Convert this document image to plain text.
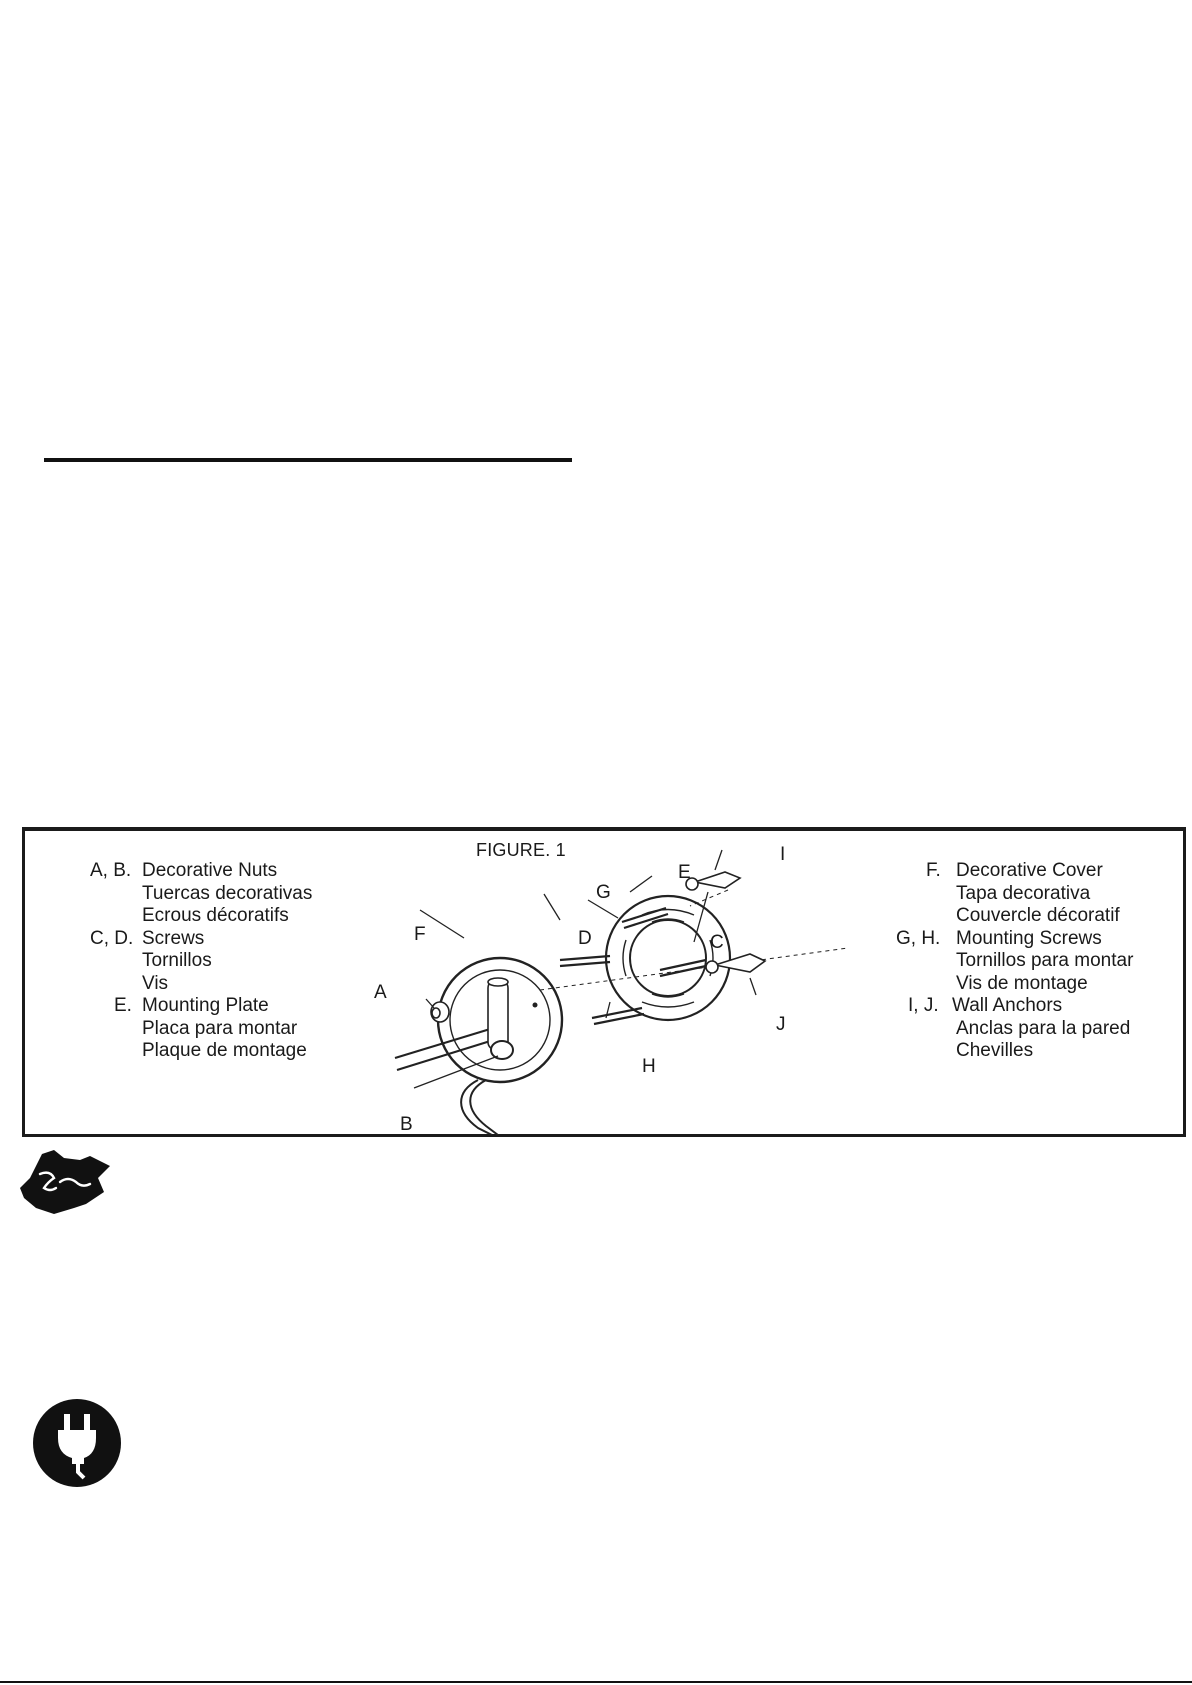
FIGURE. 1
A, B. Decorative Nuts
Tuercas decorativas
Ecrous décoratifs
C, D. Screws
Tornillos
Vis
E. Mounting Plate
Placa para montar
Plaque de montage
F. Decorative Cover
Tapa decorativa
Couvercle décoratif
G, H. Mounting Screws
Tornillos para montar
Vis de montage
I, J. Wall Anchors
Anclas para la pared
Chevilles
A
B
C
D
E
F
G
H
I
J
